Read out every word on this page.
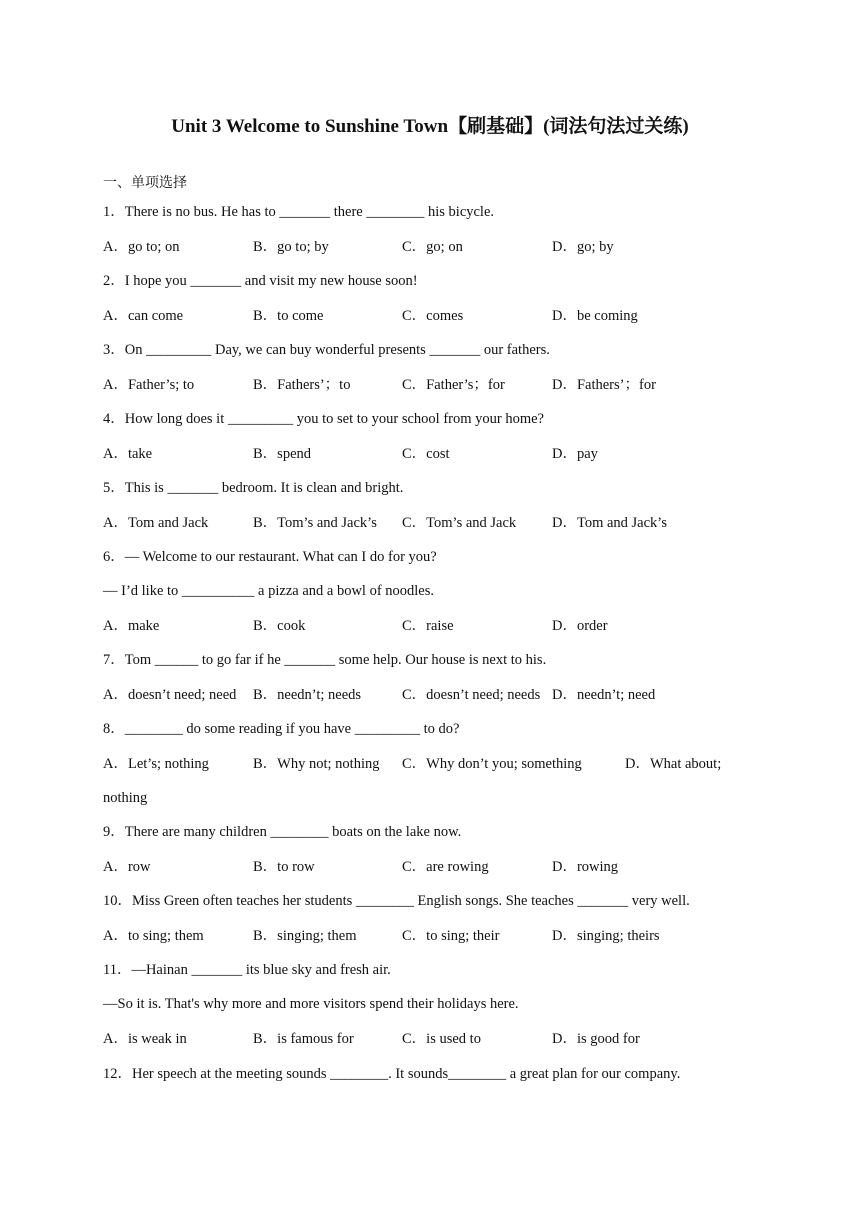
Unit 3 Welcome to Sunshine Town【刷基础】(词法句法过关练)
一、单项选择
1．There is no bus. He has to _______ there ________ his bicycle.
A．go to; on	B．go to; by	C．go; on	D．go; by
2．I hope you _______ and visit my new house soon!
A．can come	B．to come	C．comes	D．be coming
3．On _________ Day, we can buy wonderful presents _______ our fathers.
A．Father’s; to	B．Fathers’；to	C．Father’s；for	D．Fathers’；for
4．How long does it _________ you to set to your school from your home?
A．take	B．spend	C．cost	D．pay
5．This is _______ bedroom. It is clean and bright.
A．Tom and Jack	B．Tom’s and Jack’s C．Tom’s and Jack D．Tom and Jack’s
6．— Welcome to our restaurant. What can I do for you?
— I’d like to __________ a pizza and a bowl of noodles.
A．make	B．cook	C．raise	D．order
7．Tom ______ to go far if he _______ some help. Our house is next to his.
A．doesn’t need; need B．needn’t; needs	C．doesn’t need; needs D．needn’t; need
8．________ do some reading if you have _________ to do?
A．Let’s; nothing	B．Why not; nothing C．Why don’t you; something	D．What about;
nothing
9．There are many children ________ boats on the lake now.
A．row	B．to row	C．are rowing	D．rowing
10．Miss Green often teaches her students ________ English songs. She teaches _______ very well.
A．to sing; them	B．singing; them	C．to sing; their	D．singing; theirs
11．—Hainan _______ its blue sky and fresh air.
—So it is. That's why more and more visitors spend their holidays here.
A．is weak in	B．is famous for	C．is used to	D．is good for
12．Her speech at the meeting sounds ________. It sounds________ a great plan for our company.
